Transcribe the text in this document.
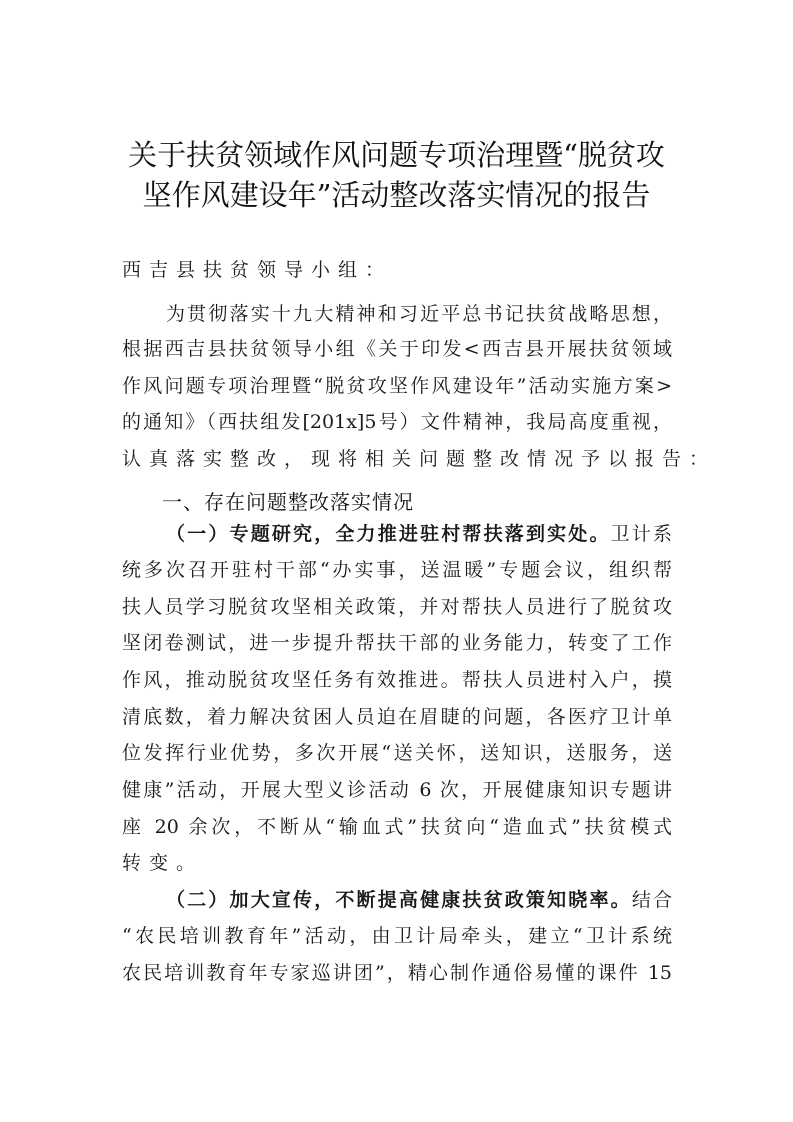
关于扶贫领域作风问题专项治理暨“脱贫攻
坚作风建设年”活动整改落实情况的报告
西吉县扶贫领导小组：
为贯彻落实十九大精神和习近平总书记扶贫战略思想，
根据西吉县扶贫领导小组《关于印发<西吉县开展扶贫领域
作风问题专项治理暨“脱贫攻坚作风建设年”活动实施方案>
的通知》（西扶组发[201x]5号）文件精神，我局高度重视，
认真落实整改，现将相关问题整改情况予以报告：
一、存在问题整改落实情况
（一）专题研究，全力推进驻村帮扶落到实处。卫计系
统多次召开驻村干部“办实事，送温暖”专题会议，组织帮
扶人员学习脱贫攻坚相关政策，并对帮扶人员进行了脱贫攻
坚闭卷测试，进一步提升帮扶干部的业务能力，转变了工作
作风，推动脱贫攻坚任务有效推进。帮扶人员进村入户，摸
清底数，着力解决贫困人员迫在眉睫的问题，各医疗卫计单
位发挥行业优势，多次开展“送关怀，送知识，送服务，送
健康”活动，开展大型义诊活动 6 次，开展健康知识专题讲
座 20 余次，不断从“输血式”扶贫向“造血式”扶贫模式
转变。
（二）加大宣传，不断提高健康扶贫政策知晓率。结合
“农民培训教育年”活动，由卫计局牵头，建立“卫计系统
农民培训教育年专家巡讲团”，精心制作通俗易懂的课件 15
